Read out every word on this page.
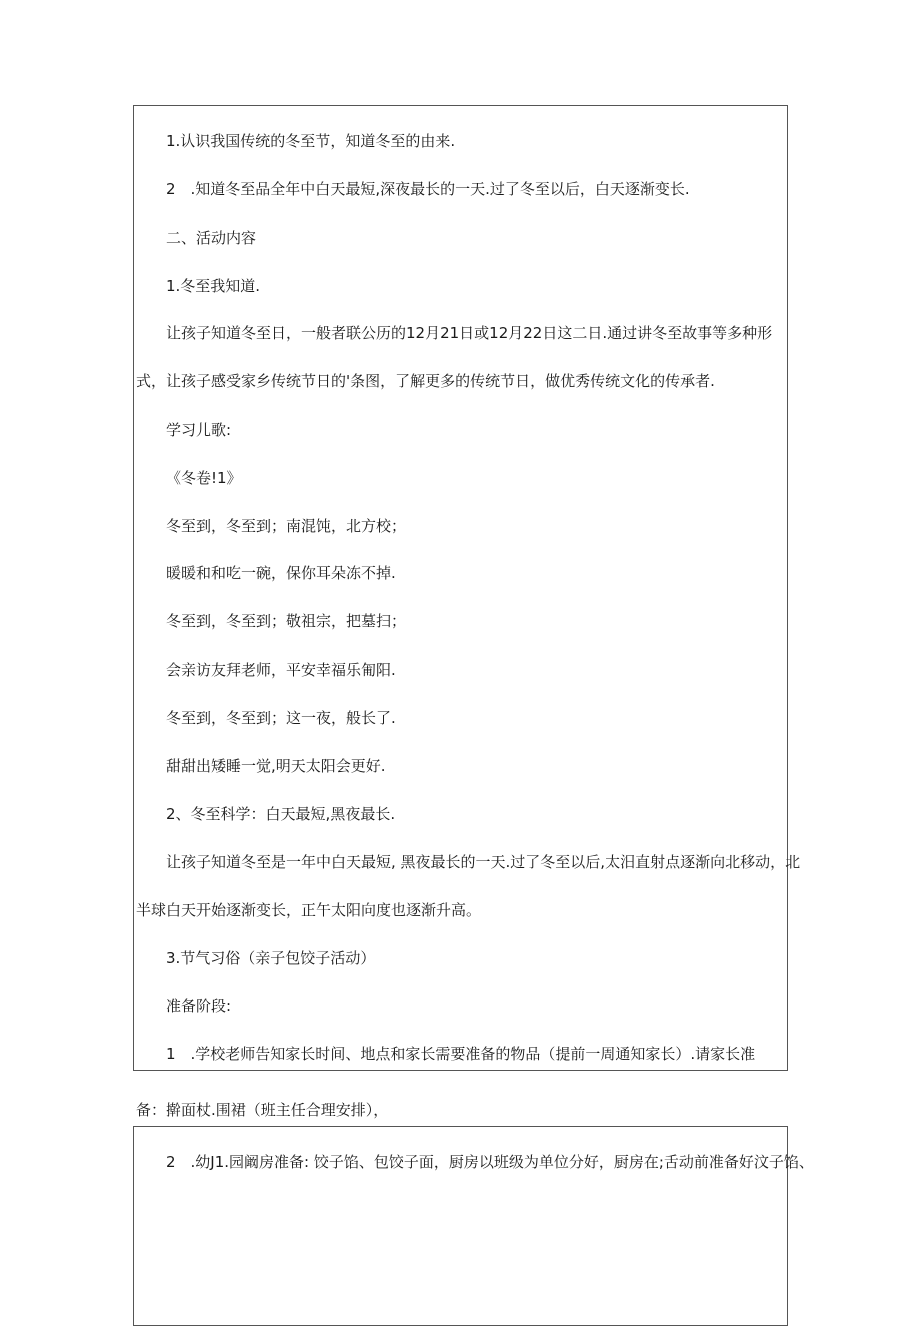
1.认识我国传统的冬至节，知道冬至的由来.
2　.知道冬至品全年中白天最短,深夜最长的一天.过了冬至以后，白天逐渐变长.
二、活动内容
1.冬至我知道.
让孩子知道冬至日，一般者联公历的12月21日或12月22日这二日.通过讲冬至故事等多种形
式，让孩子感受家乡传统节日的'条图，了解更多的传统节日，做优秀传统文化的传承者.
学习儿歌:
《冬卷!1》
冬至到，冬至到；南混饨，北方校；
暖暖和和吃一碗，保你耳朵冻不掉.
冬至到，冬至到；敬祖宗，把墓扫；
会亲访友拜老师，平安幸福乐匍阳.
冬至到，冬至到；这一夜，般长了.
甜甜出矮睡一觉,明天太阳会更好.
2、冬至科学：白天最短,黑夜最长.
让孩子知道冬至是一年中白天最短, 黑夜最长的一天.过了冬至以后,太汨直射点逐渐向北移动，北
半球白天开始逐渐变长，正午太阳向度也逐渐升高。
3.节气习俗（亲子包饺子活动）
准备阶段:
1　.学校老师告知家长时间、地点和家长需要准备的物品（提前一周通知家长）.请家长准
备：擀面杖.围裙（班主任合理安排），
2　.幼J1.园阚房准备: 饺子馅、包饺子面，厨房以班级为单位分好，厨房在;舌动前准备好汶子馅、
